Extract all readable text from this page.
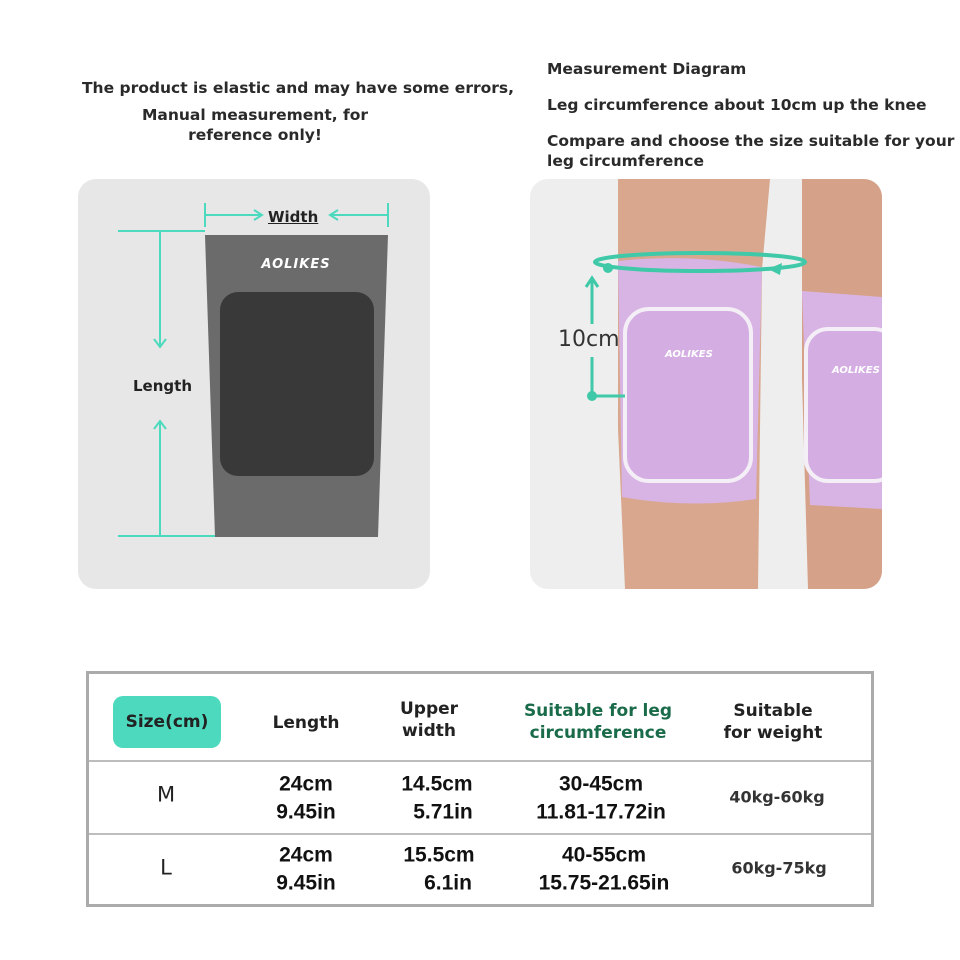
The product is elastic and may have some errors,
Manual measurement, for
reference only!
Measurement Diagram
Leg circumference about 10cm up the knee
Compare and choose the size suitable for your
leg circumference
Width
Length
AOLIKES
10cm
AOLIKES
AOLIKES
Size(cm)	Length
Upper
width
Suitable for leg
circumference
Suitable
for weight
M	24cm
9.45in
14.5cm
5.71in
30-45cm
11.81-17.72in
40kg-60kg
L
24cm
9.45in
15.5cm
6.1in
40-55cm
15.75-21.65in
60kg-75kg
